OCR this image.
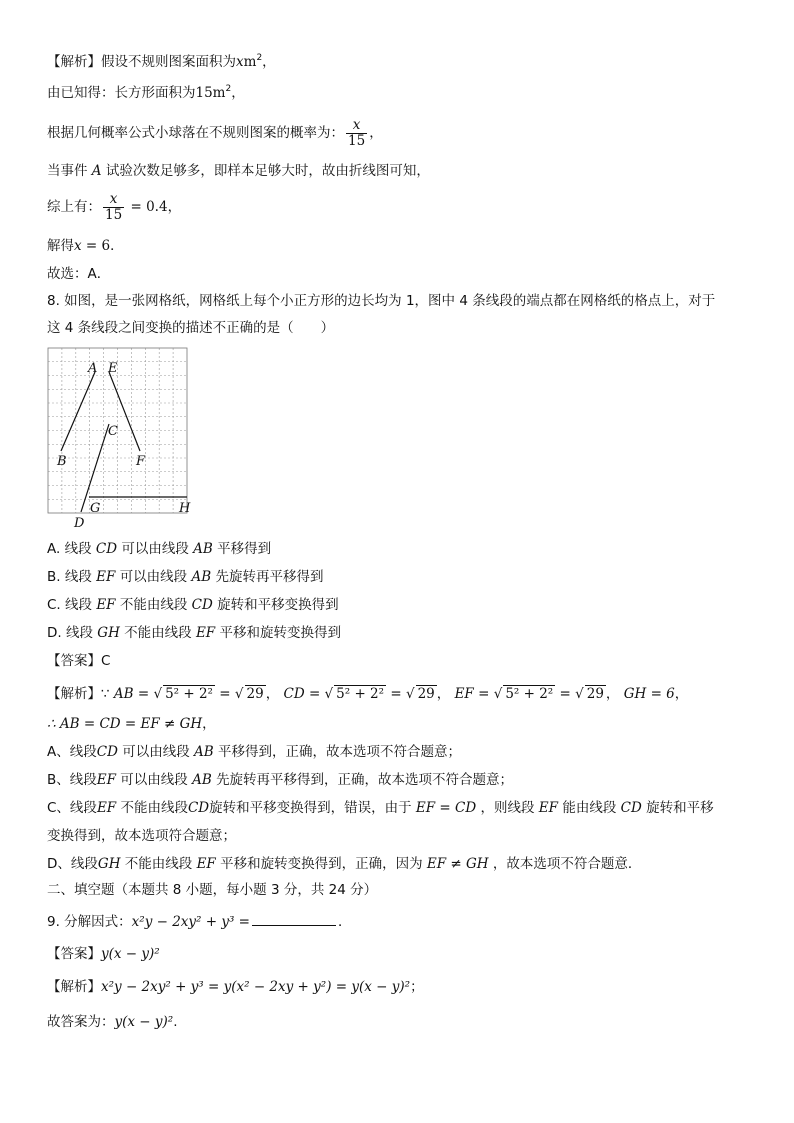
【解析】假设不规则图案面积为$xm^2$，
由已知得：长方形面积为$15m^2$，
根据几何概率公式小球落在不规则图案的概率为： $\frac{x}{15}$ ，
当事件 A 试验次数足够多，即样本足够大时，故由折线图可知，
综上有： $\frac{x}{15} = 0.4$，
解得x = 6．
故选：A．
8. 如图，是一张网格纸，网格纸上每个小正方形的边长均为 1，图中 4 条线段的端点都在网格纸的格点上，对于
这 4 条线段之间变换的描述不正确的是（　　）
A E
C
B	F
G	H
D
A. 线段 CD 可以由线段 AB 平移得到
B. 线段 EF 可以由线段 AB 先旋转再平移得到
C. 线段 EF 不能由线段 CD 旋转和平移变换得到
D. 线段 GH 不能由线段 EF 平移和旋转变换得到
【答案】C
【解析】∵ AB = √ 5² + 2² = √ 29 ， CD = √ 5² + 2² = √ 29 ， EF = √ 5² + 2² = √ 29 ， GH = 6，
∴ AB = CD = EF ≠ GH，
A、线段CD 可以由线段 AB 平移得到，正确，故本选项不符合题意；
B、线段EF 可以由线段 AB 先旋转再平移得到，正确，故本选项不符合题意；
C、线段EF 不能由线段CD旋转和平移变换得到，错误，由于 EF = CD ，则线段 EF 能由线段 CD 旋转和平移
变换得到，故本选项符合题意；
D、线段GH 不能由线段 EF 平移和旋转变换得到，正确，因为 EF ≠ GH ，故本选项不符合题意．
二、填空题（本题共 8 小题，每小题 3 分，共 24 分）
9. 分解因式：x²y − 2xy² + y³ =	．
【答案】y(x − y)²
【解析】x²y − 2xy² + y³ = y(x² − 2xy + y²) = y(x − y)²；
故答案为：y(x − y)².
